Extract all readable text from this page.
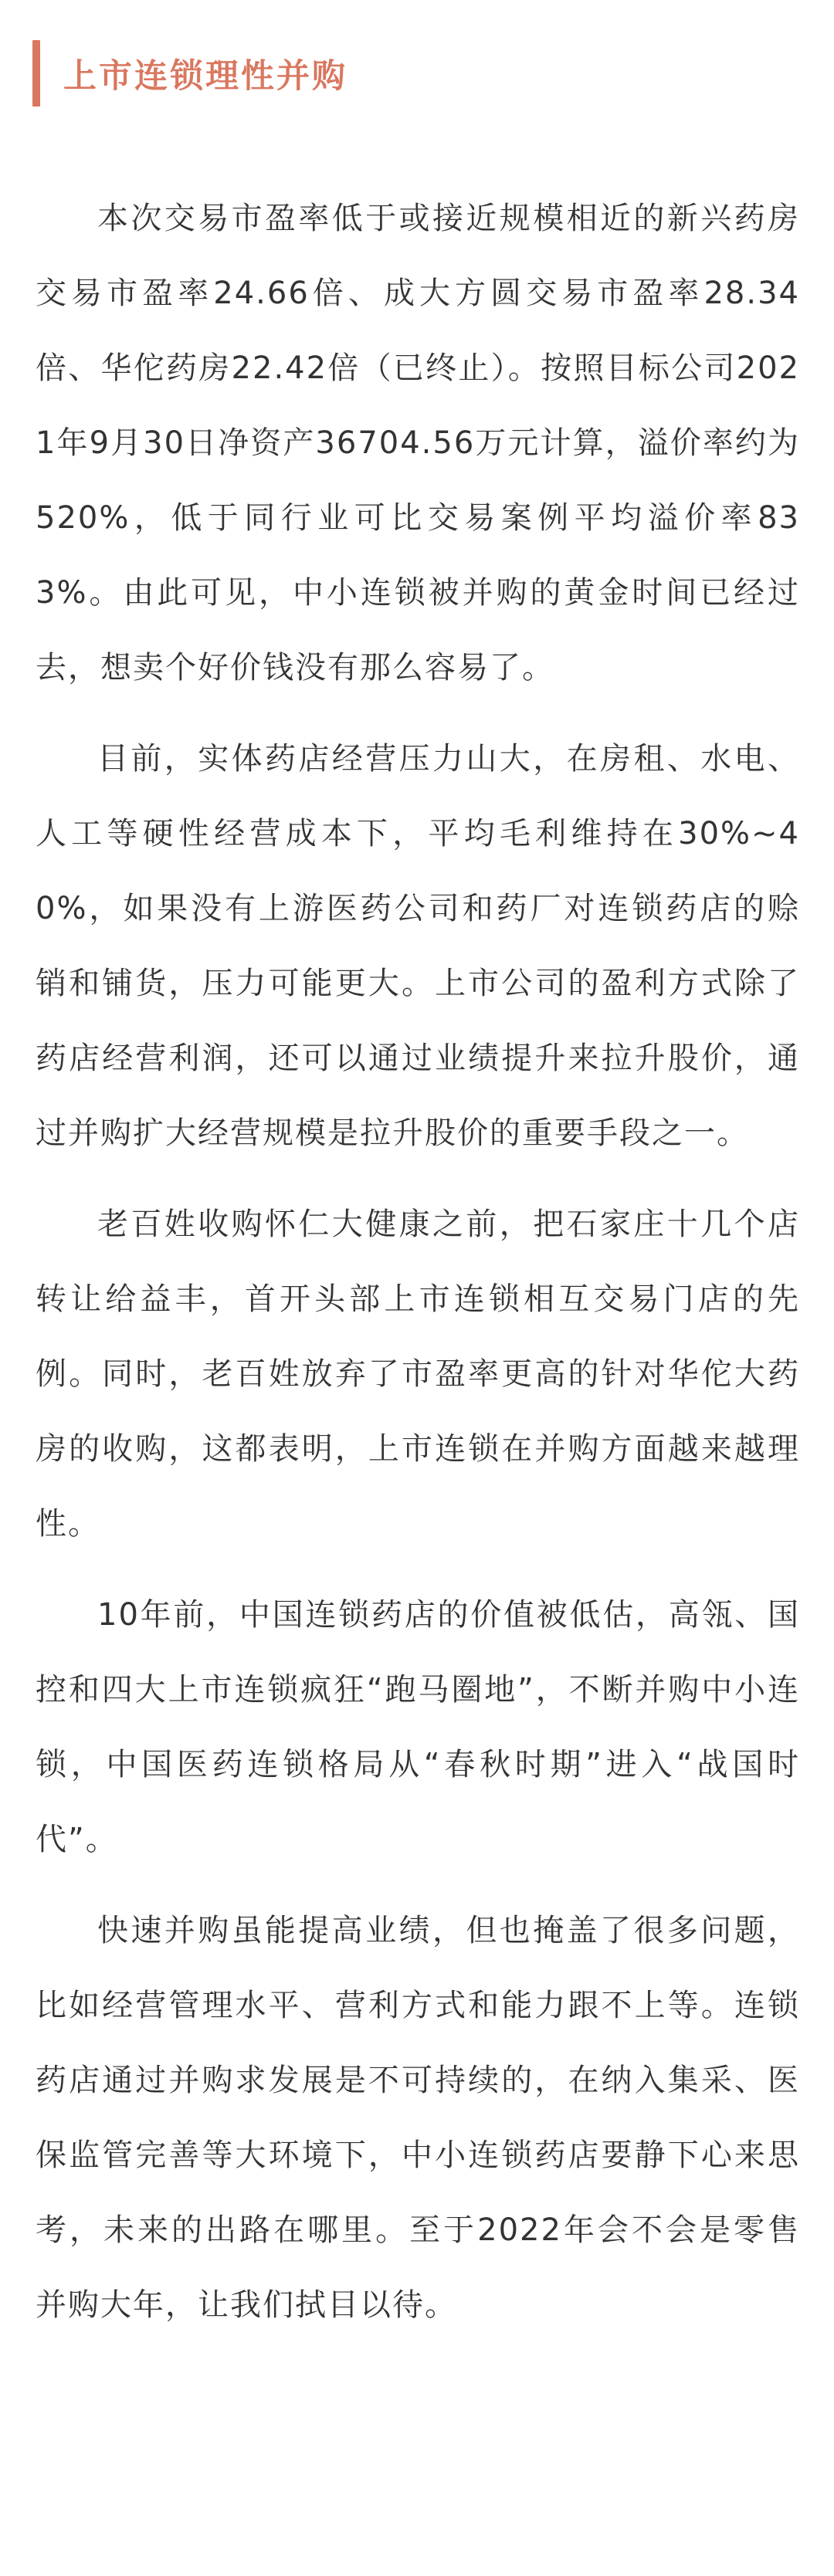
上市连锁理性并购

本次交易市盈率低于或接近规模相近的新兴药房交易市盈率24.66倍、成大方圆交易市盈率28.34倍、华佗药房22.42倍（已终止）。按照目标公司2021年9月30日净资产36704.56万元计算，溢价率约为520%，低于同行业可比交易案例平均溢价率833%。由此可见，中小连锁被并购的黄金时间已经过去，想卖个好价钱没有那么容易了。

目前，实体药店经营压力山大，在房租、水电、人工等硬性经营成本下，平均毛利维持在30%~40%，如果没有上游医药公司和药厂对连锁药店的赊销和铺货，压力可能更大。上市公司的盈利方式除了药店经营利润，还可以通过业绩提升来拉升股价，通过并购扩大经营规模是拉升股价的重要手段之一。

老百姓收购怀仁大健康之前，把石家庄十几个店转让给益丰，首开头部上市连锁相互交易门店的先例。同时，老百姓放弃了市盈率更高的针对华佗大药房的收购，这都表明，上市连锁在并购方面越来越理性。

10年前，中国连锁药店的价值被低估，高瓴、国控和四大上市连锁疯狂“跑马圈地”，不断并购中小连锁，中国医药连锁格局从“春秋时期”进入“战国时代”。

快速并购虽能提高业绩，但也掩盖了很多问题，比如经营管理水平、营利方式和能力跟不上等。连锁药店通过并购求发展是不可持续的，在纳入集采、医保监管完善等大环境下，中小连锁药店要静下心来思考，未来的出路在哪里。至于2022年会不会是零售并购大年，让我们拭目以待。
